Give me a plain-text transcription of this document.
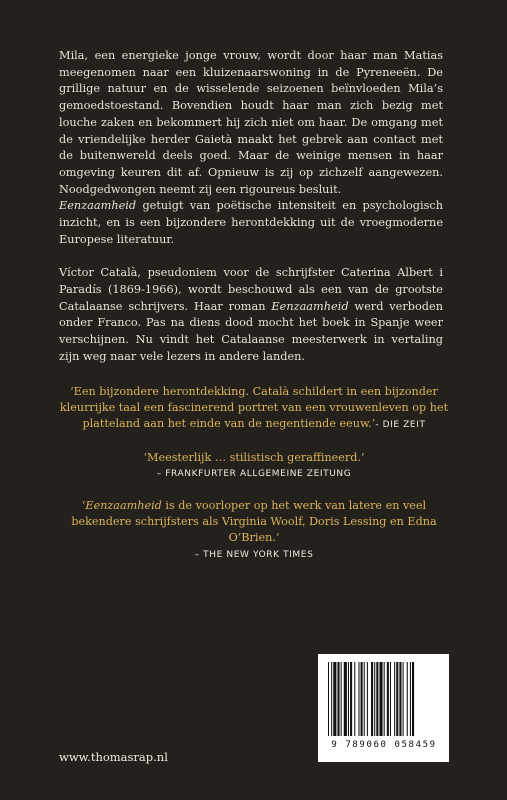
Mila, een energieke jonge vrouw, wordt door haar man Matias meegenomen naar een kluizenaarswoning in de Pyreneeën. De grillige natuur en de wisselende seizoenen beïnvloeden Mila’s gemoedstoestand. Bovendien houdt haar man zich bezig met louche zaken en bekommert hij zich niet om haar. De omgang met de vriendelijke herder Gaietà maakt het gebrek aan contact met de buitenwereld deels goed. Maar de weinige mensen in haar omgeving keuren dit af. Opnieuw is zij op zichzelf aangewezen. Noodgedwongen neemt zij een rigoureus besluit.

Eenzaamheid getuigt van poëtische intensiteit en psychologisch inzicht, en is een bijzondere herontdekking uit de vroegmoderne Europese literatuur.

Víctor Català, pseudoniem voor de schrijfster Caterina Albert i Paradís (1869-1966), wordt beschouwd als een van de grootste Catalaanse schrijvers. Haar roman Eenzaamheid werd verboden onder Franco. Pas na diens dood mocht het boek in Spanje weer verschijnen. Nu vindt het Catalaanse meesterwerk in vertaling zijn weg naar vele lezers in andere landen.

‘Een bijzondere herontdekking. Català schildert in een bijzonder kleurrijke taal een fascinerend portret van een vrouwenleven op het platteland aan het einde van de negentiende eeuw.’- DIE ZEIT

‘Meesterlijk … stilistisch geraffineerd.’
– FRANKFURTER ALLGEMEINE ZEITUNG

‘Eenzaamheid is de voorloper op het werk van latere en veel bekendere schrijfsters als Virginia Woolf, Doris Lessing en Edna O’Brien.’
– THE NEW YORK TIMES

www.thomasrap.nl
9 789060 058459
